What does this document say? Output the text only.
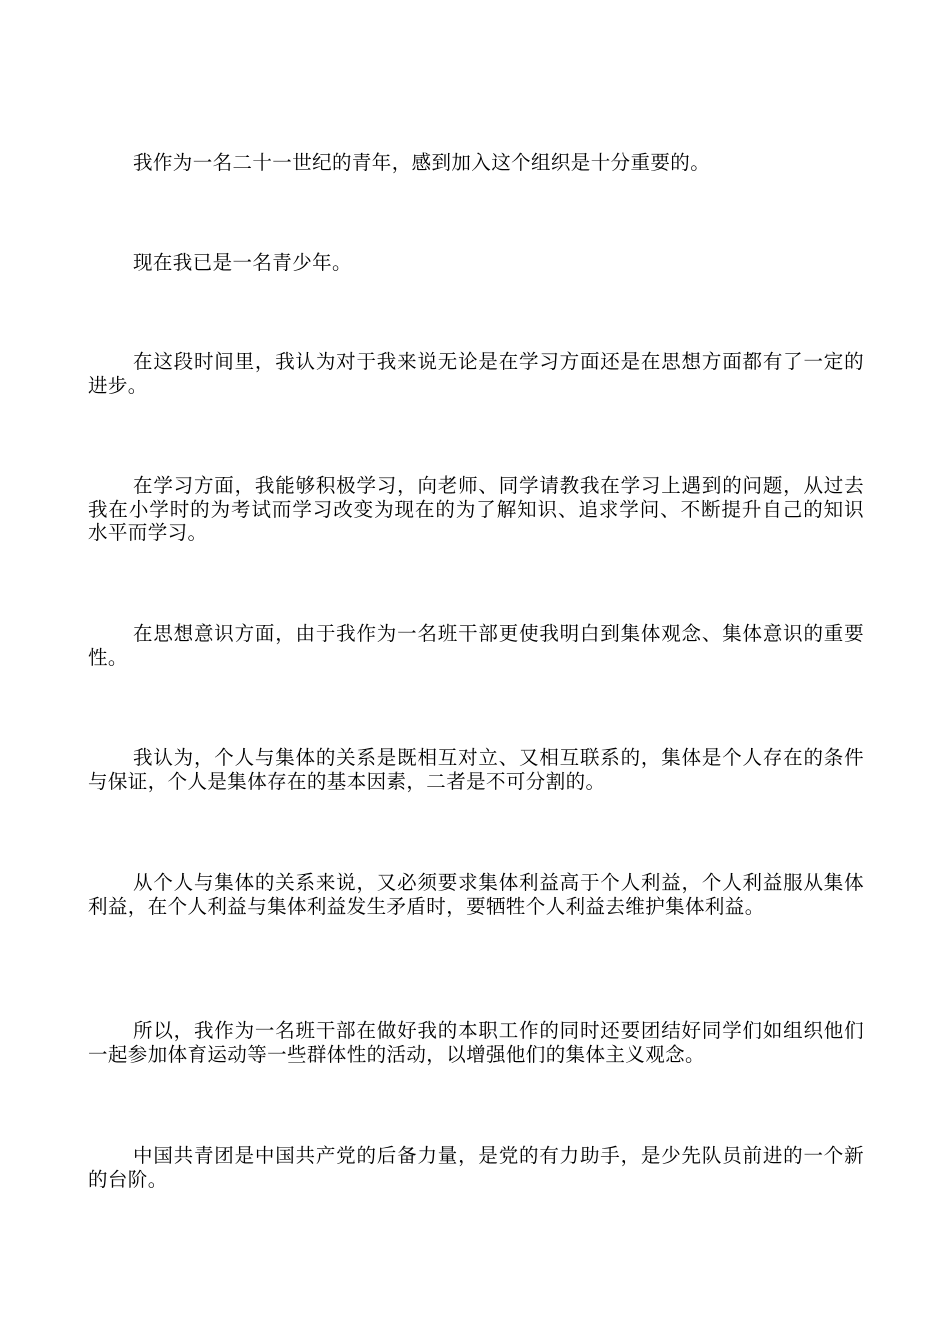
我作为一名二十一世纪的青年，感到加入这个组织是十分重要的。

现在我已是一名青少年。

在这段时间里，我认为对于我来说无论是在学习方面还是在思想方面都有了一定的进步。

在学习方面，我能够积极学习，向老师、同学请教我在学习上遇到的问题，从过去我在小学时的为考试而学习改变为现在的为了解知识、追求学问、不断提升自己的知识水平而学习。

在思想意识方面，由于我作为一名班干部更使我明白到集体观念、集体意识的重要性。

我认为，个人与集体的关系是既相互对立、又相互联系的，集体是个人存在的条件与保证，个人是集体存在的基本因素，二者是不可分割的。

从个人与集体的关系来说，又必须要求集体利益高于个人利益，个人利益服从集体利益，在个人利益与集体利益发生矛盾时，要牺牲个人利益去维护集体利益。

所以，我作为一名班干部在做好我的本职工作的同时还要团结好同学们如组织他们一起参加体育运动等一些群体性的活动，以增强他们的集体主义观念。

中国共青团是中国共产党的后备力量，是党的有力助手，是少先队员前进的一个新的台阶。
